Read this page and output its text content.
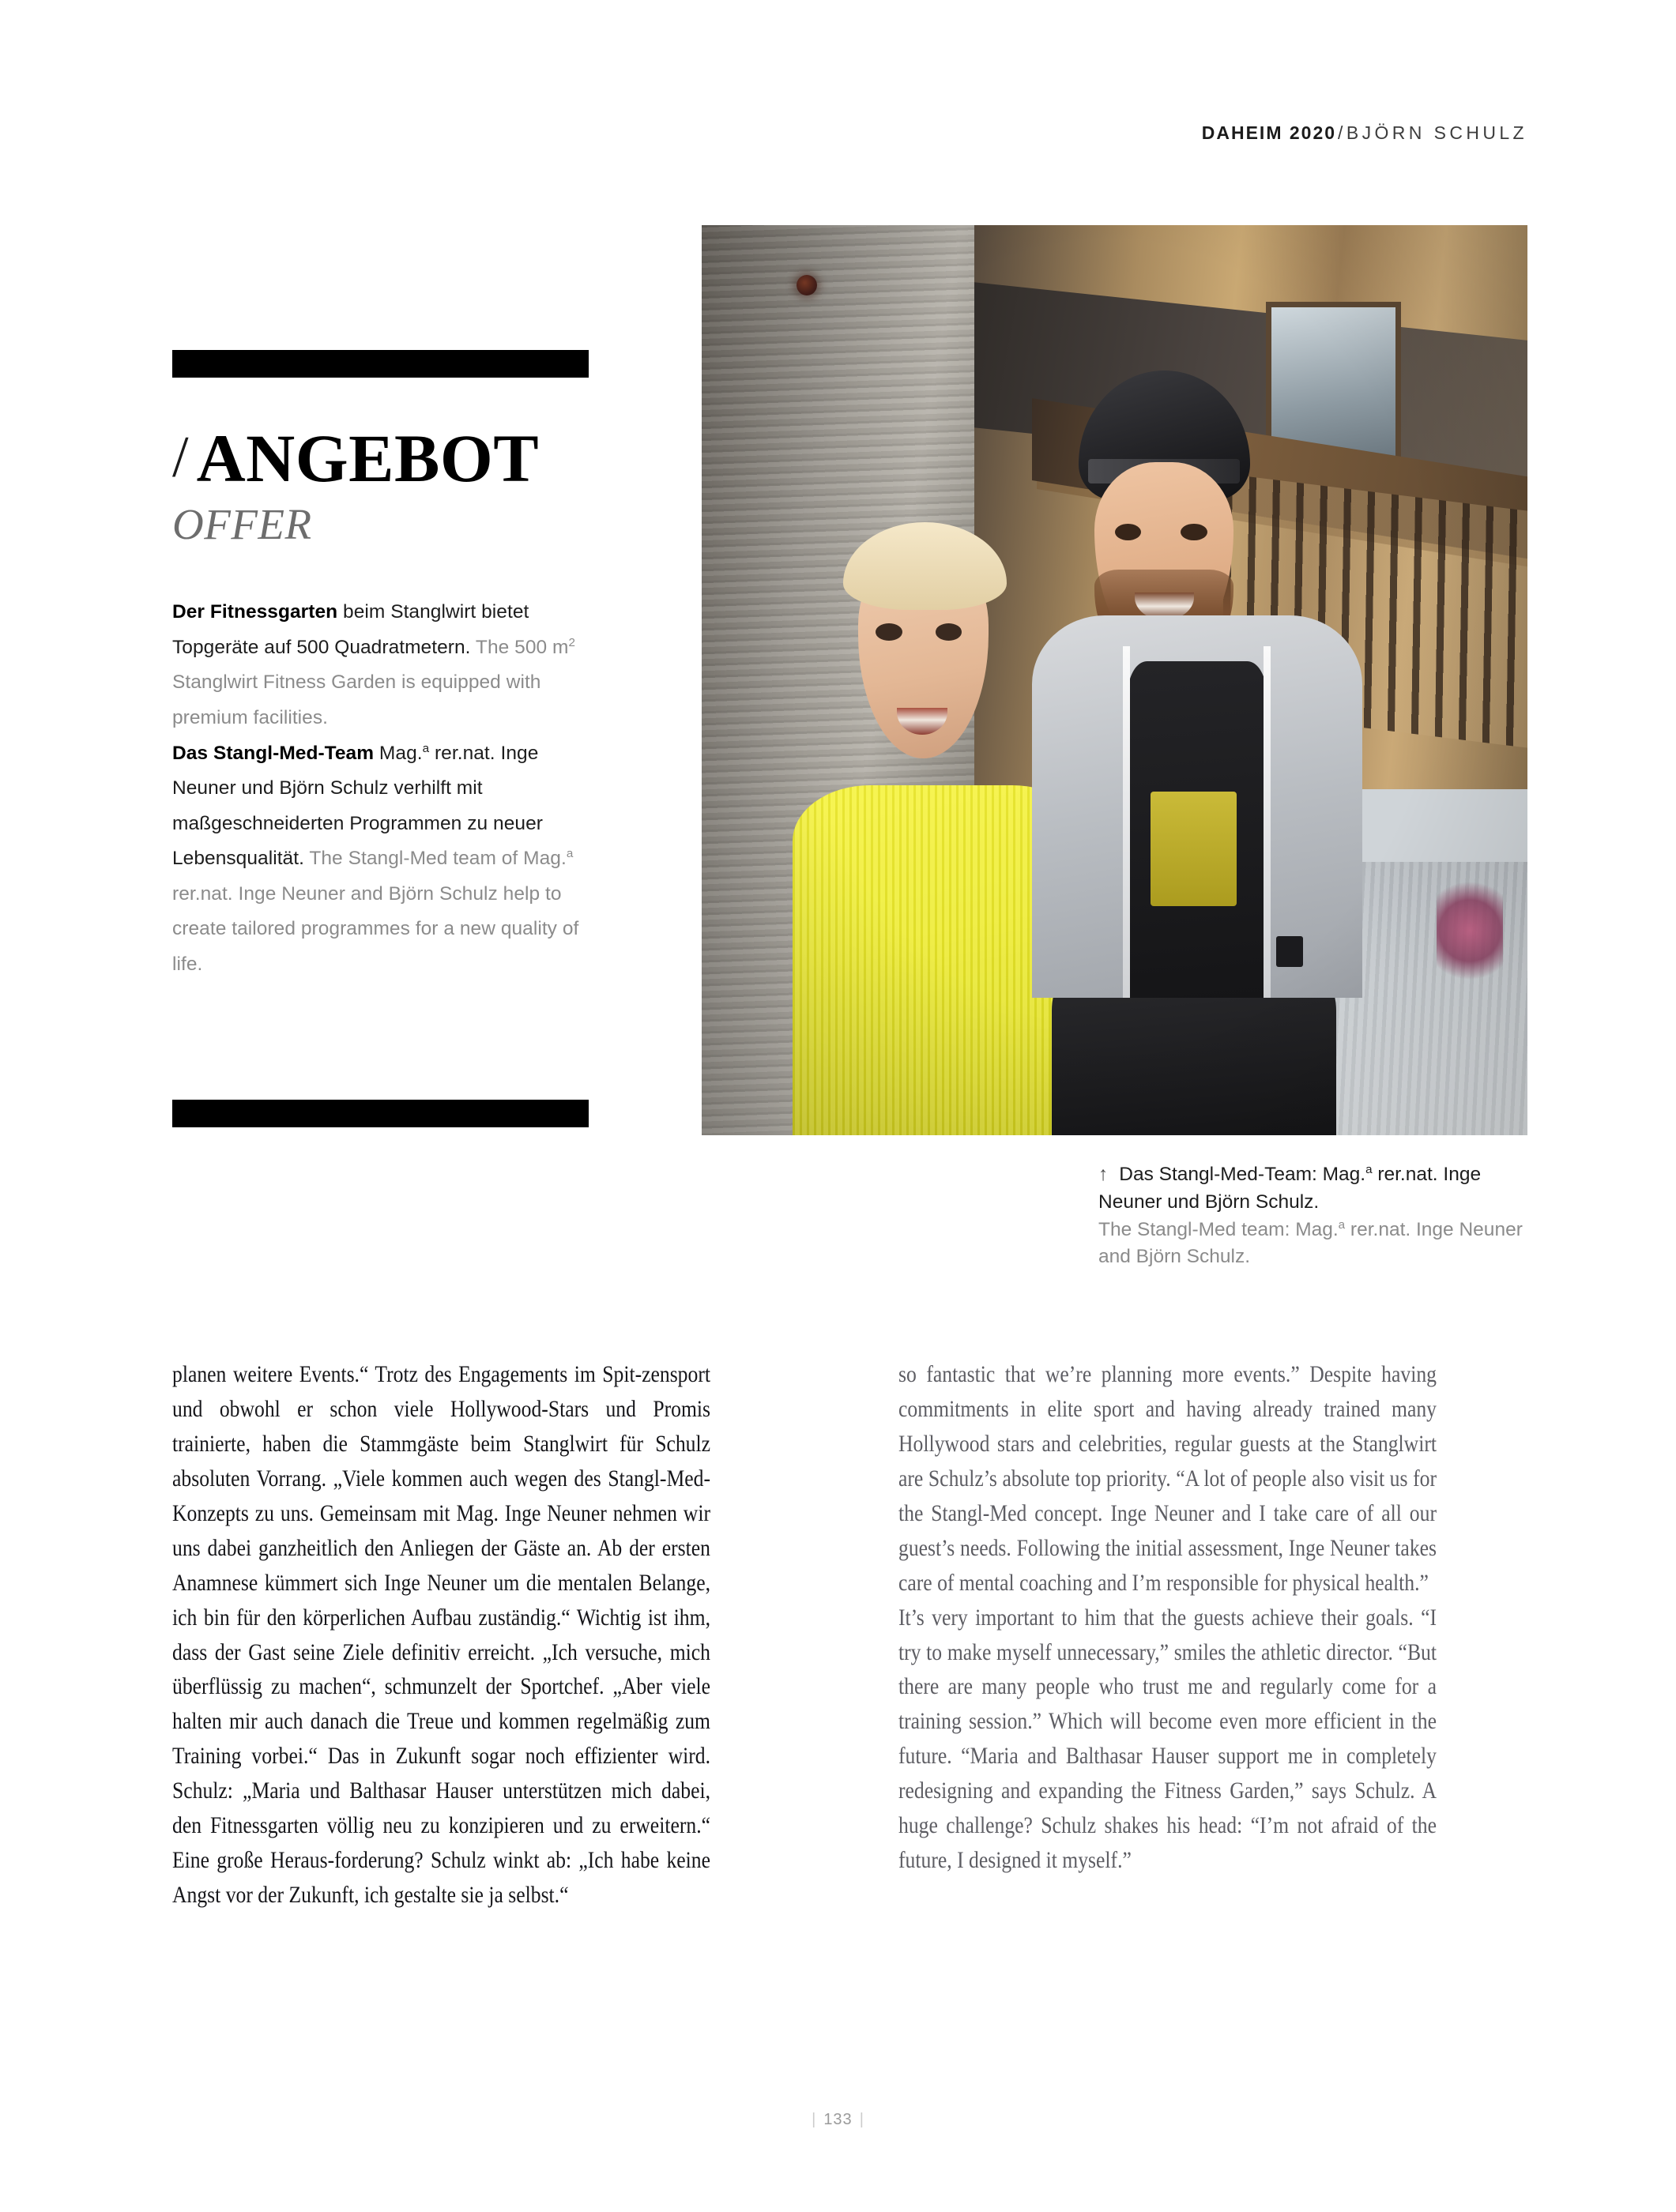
DAHEIM 2020/BJÖRN SCHULZ
/ ANGEBOT
OFFER

Der Fitnessgarten beim Stanglwirt bietet Topgeräte auf 500 Quadratmetern. The 500 $m^2$ Stanglwirt Fitness Garden is equipped with premium facilities.

Das Stangl-Med-Team Mag.$^a$ rer.nat. Inge Neuner und Björn Schulz verhilft mit maßgeschneiderten Programmen zu neuer Lebensqualität. The Stangl-Med team of Mag.$^a$ rer.nat. Inge Neuner and Björn Schulz help to create tailored programmes for a new quality of life.

↑ Das Stangl-Med-Team: Mag.$^a$ rer.nat. Inge Neuner und Björn Schulz.
The Stangl-Med team: Mag.$^a$ rer.nat. Inge Neuner and Björn Schulz.

planen weitere Events.“ Trotz des Engagements im Spit-zensport und obwohl er schon viele Hollywood-Stars und Promis trainierte, haben die Stammgäste beim Stanglwirt für Schulz absoluten Vorrang. „Viele kommen auch wegen des Stangl-Med-Konzepts zu uns. Gemeinsam mit Mag. Inge Neuner nehmen wir uns dabei ganzheitlich den Anliegen der Gäste an. Ab der ersten Anamnese kümmert sich Inge Neuner um die mentalen Belange, ich bin für den körperlichen Aufbau zuständig.“ Wichtig ist ihm, dass der Gast seine Ziele definitiv erreicht. „Ich versuche, mich überflüssig zu machen“, schmunzelt der Sportchef. „Aber viele halten mir auch danach die Treue und kommen regelmäßig zum Training vorbei.“ Das in Zukunft sogar noch effizienter wird. Schulz: „Maria und Balthasar Hauser unterstützen mich dabei, den Fitnessgarten völlig neu zu konzipieren und zu erweitern.“ Eine große Heraus-forderung? Schulz winkt ab: „Ich habe keine Angst vor der Zukunft, ich gestalte sie ja selbst.“

so fantastic that we’re planning more events.” Despite having commitments in elite sport and having already trained many Hollywood stars and celebrities, regular guests at the Stanglwirt are Schulz’s absolute top priority. “A lot of people also visit us for the Stangl-Med concept. Inge Neuner and I take care of all our guest’s needs. Following the initial assessment, Inge Neuner takes care of mental coaching and I’m responsible for physical health.”

It’s very important to him that the guests achieve their goals. “I try to make myself unnecessary,” smiles the athletic director. “But there are many people who trust me and regularly come for a training session.” Which will become even more efficient in the future. “Maria and Balthasar Hauser support me in completely redesigning and expanding the Fitness Garden,” says Schulz. A huge challenge? Schulz shakes his head: “I’m not afraid of the future, I designed it myself.”

| 133 |
